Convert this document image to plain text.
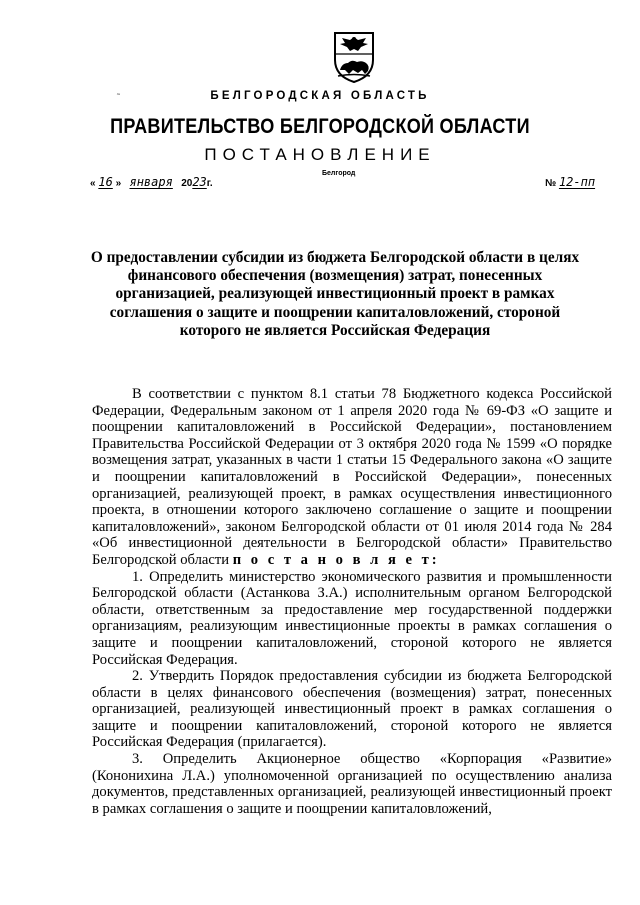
˜	БЕЛГОРОДСКАЯ ОБЛАСТЬ
ПРАВИТЕЛЬСТВО БЕЛГОРОДСКОЙ ОБЛАСТИ
ПОСТАНОВЛЕНИЕ
Белгород
« 16 » января 2023г.	№ 12-пп
О предоставлении субсидии из бюджета Белгородской области в целях финансового обеспечения (возмещения) затрат, понесенных организацией, реализующей инвестиционный проект в рамках соглашения о защите и поощрении капиталовложений, стороной которого не является Российская Федерация

В соответствии с пунктом 8.1 статьи 78 Бюджетного кодекса Российской Федерации, Федеральным законом от 1 апреля 2020 года № 69-ФЗ «О защите и поощрении капиталовложений в Российской Федерации», постановлением Правительства Российской Федерации от 3 октября 2020 года № 1599 «О порядке возмещения затрат, указанных в части 1 статьи 15 Федерального закона «О защите и поощрении капиталовложений в Российской Федерации», понесенных организацией, реализующей проект, в рамках осуществления инвестиционного проекта, в отношении которого заключено соглашение о защите и поощрении капиталовложений», законом Белгородской области от 01 июля 2014 года № 284 «Об инвестиционной деятельности в Белгородской области» Правительство Белгородской области п о с т а н о в л я е т:

1. Определить министерство экономического развития и промышленности Белгородской области (Астанкова З.А.) исполнительным органом Белгородской области, ответственным за предоставление мер государственной поддержки организациям, реализующим инвестиционные проекты в рамках соглашения о защите и поощрении капиталовложений, стороной которого не является Российская Федерация.

2. Утвердить Порядок предоставления субсидии из бюджета Белгородской области в целях финансового обеспечения (возмещения) затрат, понесенных организацией, реализующей инвестиционный проект в рамках соглашения о защите и поощрении капиталовложений, стороной которого не является Российская Федерация (прилагается).

3. Определить Акционерное общество «Корпорация «Развитие» (Кононихина Л.А.) уполномоченной организацией по осуществлению анализа документов, представленных организацией, реализующей инвестиционный проект в рамках соглашения о защите и поощрении капиталовложений,
